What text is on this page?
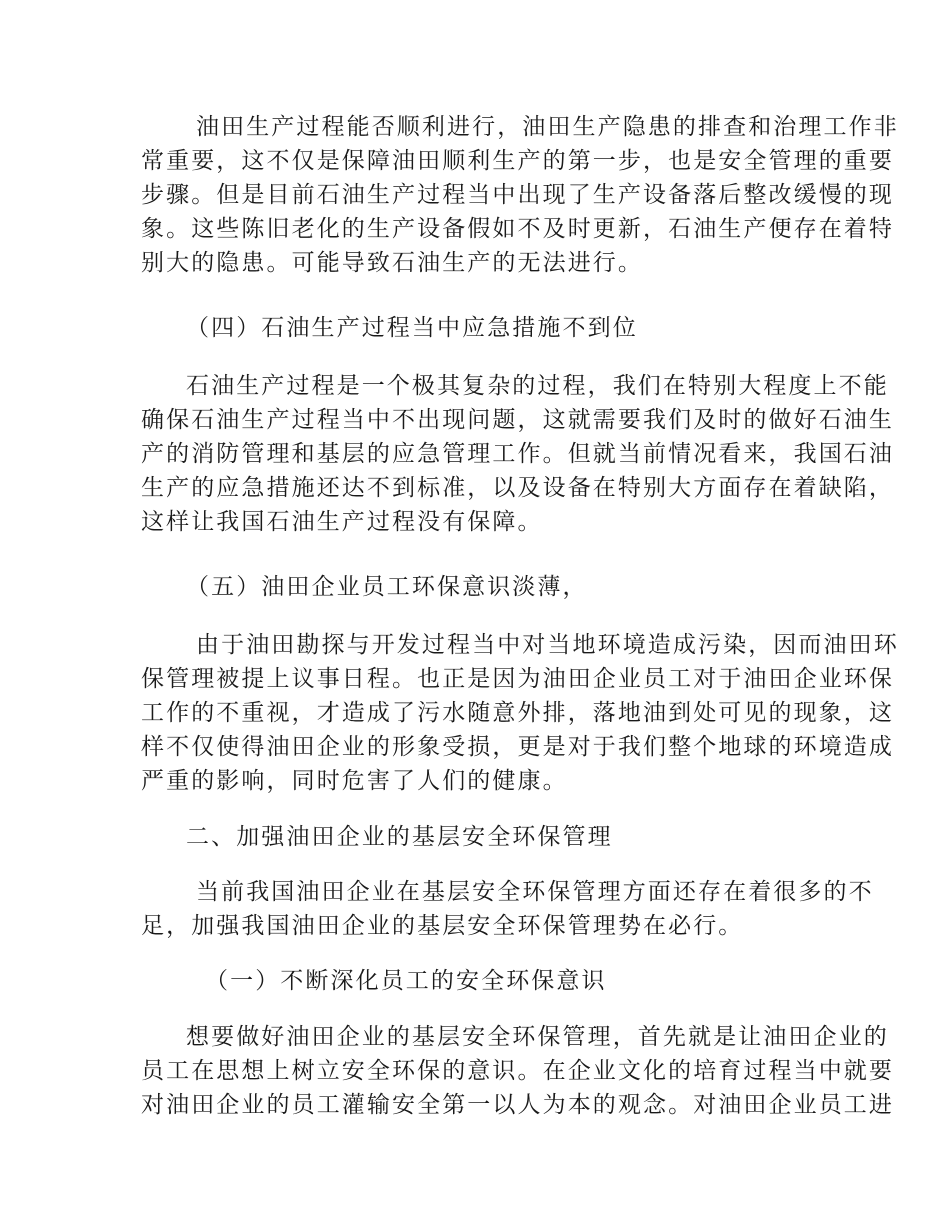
油田生产过程能否顺利进行，油田生产隐患的排查和治理工作非
常重要，这不仅是保障油田顺利生产的第一步，也是安全管理的重要
步骤。但是目前石油生产过程当中出现了生产设备落后整改缓慢的现
象。这些陈旧老化的生产设备假如不及时更新，石油生产便存在着特
别大的隐患。可能导致石油生产的无法进行。
（四）石油生产过程当中应急措施不到位
石油生产过程是一个极其复杂的过程，我们在特别大程度上不能
确保石油生产过程当中不出现问题，这就需要我们及时的做好石油生
产的消防管理和基层的应急管理工作。但就当前情况看来，我国石油
生产的应急措施还达不到标准，以及设备在特别大方面存在着缺陷，
这样让我国石油生产过程没有保障。
（五）油田企业员工环保意识淡薄，
由于油田勘探与开发过程当中对当地环境造成污染，因而油田环
保管理被提上议事日程。也正是因为油田企业员工对于油田企业环保
工作的不重视，才造成了污水随意外排，落地油到处可见的现象，这
样不仅使得油田企业的形象受损，更是对于我们整个地球的环境造成
严重的影响，同时危害了人们的健康。
二、加强油田企业的基层安全环保管理
当前我国油田企业在基层安全环保管理方面还存在着很多的不
足，加强我国油田企业的基层安全环保管理势在必行。
（一）不断深化员工的安全环保意识
想要做好油田企业的基层安全环保管理，首先就是让油田企业的
员工在思想上树立安全环保的意识。在企业文化的培育过程当中就要
对油田企业的员工灌输安全第一以人为本的观念。对油田企业员工进
